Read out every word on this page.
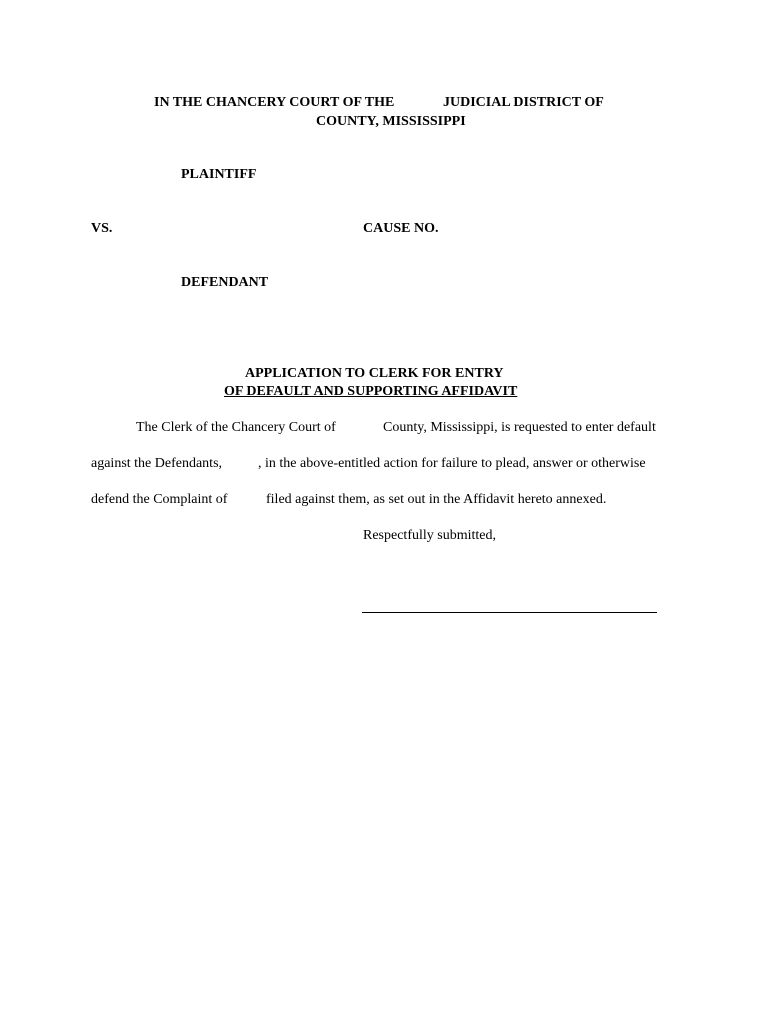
IN THE CHANCERY COURT OF THE	JUDICIAL DISTRICT OF
COUNTY, MISSISSIPPI
PLAINTIFF
VS.	CAUSE NO.
DEFENDANT
APPLICATION TO CLERK FOR ENTRY
OF DEFAULT AND SUPPORTING AFFIDAVIT
The Clerk of the Chancery Court of	County, Mississippi, is requested to enter default
against the Defendants,	, in the above-entitled action for failure to plead, answer or otherwise
defend the Complaint of	filed against them, as set out in the Affidavit hereto annexed.
Respectfully submitted,
